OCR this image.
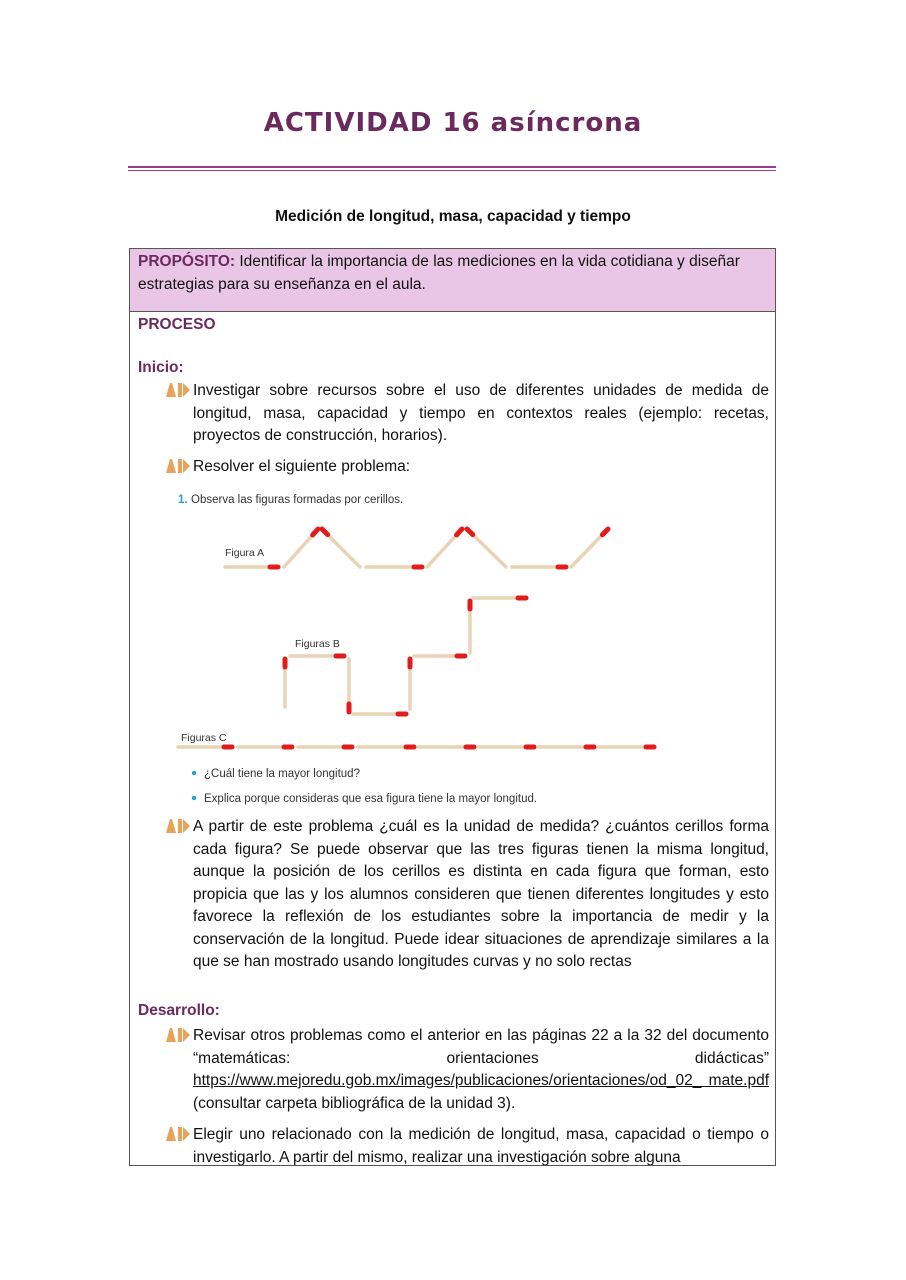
ACTIVIDAD 16 asíncrona
Medición de longitud, masa, capacidad y tiempo
PROPÓSITO: Identificar la importancia de las mediciones en la vida cotidiana y diseñar estrategias para su enseñanza en el aula.
PROCESO
Inicio:
Investigar sobre recursos sobre el uso de diferentes unidades de medida de longitud, masa, capacidad y tiempo en contextos reales (ejemplo: recetas, proyectos de construcción, horarios).
Resolver el siguiente problema:
1. Observa las figuras formadas por cerillos.
Figura A
Figuras B
Figuras C
¿Cuál tiene la mayor longitud?
Explica porque consideras que esa figura tiene la mayor longitud.
A partir de este problema ¿cuál es la unidad de medida? ¿cuántos cerillos forma cada figura? Se puede observar que las tres figuras tienen la misma longitud, aunque la posición de los cerillos es distinta en cada figura que forman, esto propicia que las y los alumnos consideren que tienen diferentes longitudes y esto favorece la reflexión de los estudiantes sobre la importancia de medir y la conservación de la longitud. Puede idear situaciones de aprendizaje similares a la que se han mostrado usando longitudes curvas y no solo rectas
Desarrollo:
Revisar otros problemas como el anterior en las páginas 22 a la 32 del documento “matemáticas: orientaciones didácticas”
https://www.mejoredu.gob.mx/images/publicaciones/orientaciones/od_02_ mate.pdf (consultar carpeta bibliográfica de la unidad 3).
Elegir uno relacionado con la medición de longitud, masa, capacidad o tiempo o investigarlo. A partir del mismo, realizar una investigación sobre alguna
